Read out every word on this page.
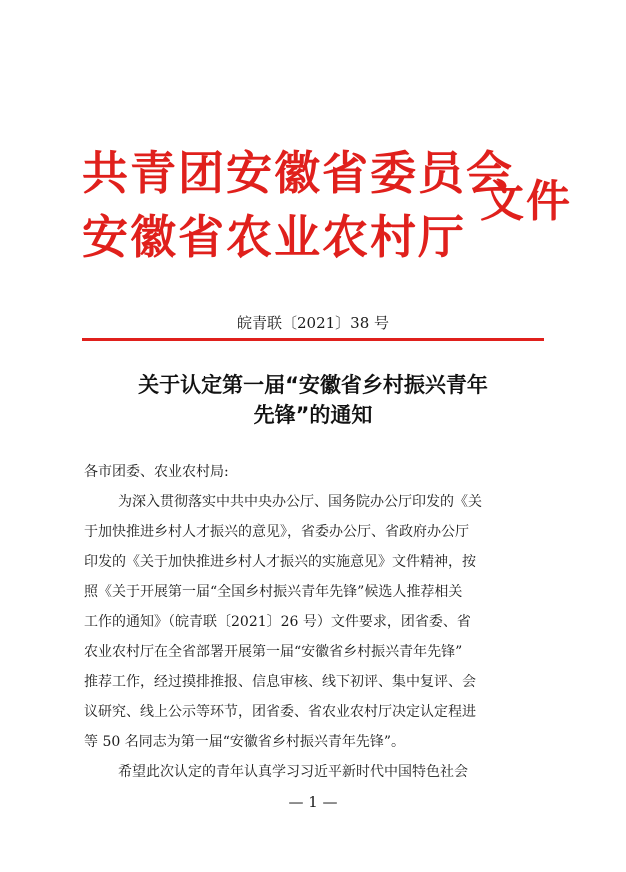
共青团安徽省委员会
安徽省农业农村厅
文件
皖青联〔2021〕38 号
关于认定第一届“安徽省乡村振兴青年
先锋”的通知
各市团委、农业农村局:
为深入贯彻落实中共中央办公厅、国务院办公厅印发的《关
于加快推进乡村人才振兴的意见》，省委办公厅、省政府办公厅
印发的《关于加快推进乡村人才振兴的实施意见》文件精神，按
照《关于开展第一届“全国乡村振兴青年先锋”候选人推荐相关
工作的通知》（皖青联〔2021〕26 号）文件要求，团省委、省
农业农村厅在全省部署开展第一届“安徽省乡村振兴青年先锋”
推荐工作，经过摸排推报、信息审核、线下初评、集中复评、会
议研究、线上公示等环节，团省委、省农业农村厅决定认定程进
等 50 名同志为第一届“安徽省乡村振兴青年先锋”。
希望此次认定的青年认真学习习近平新时代中国特色社会
— 1 —
